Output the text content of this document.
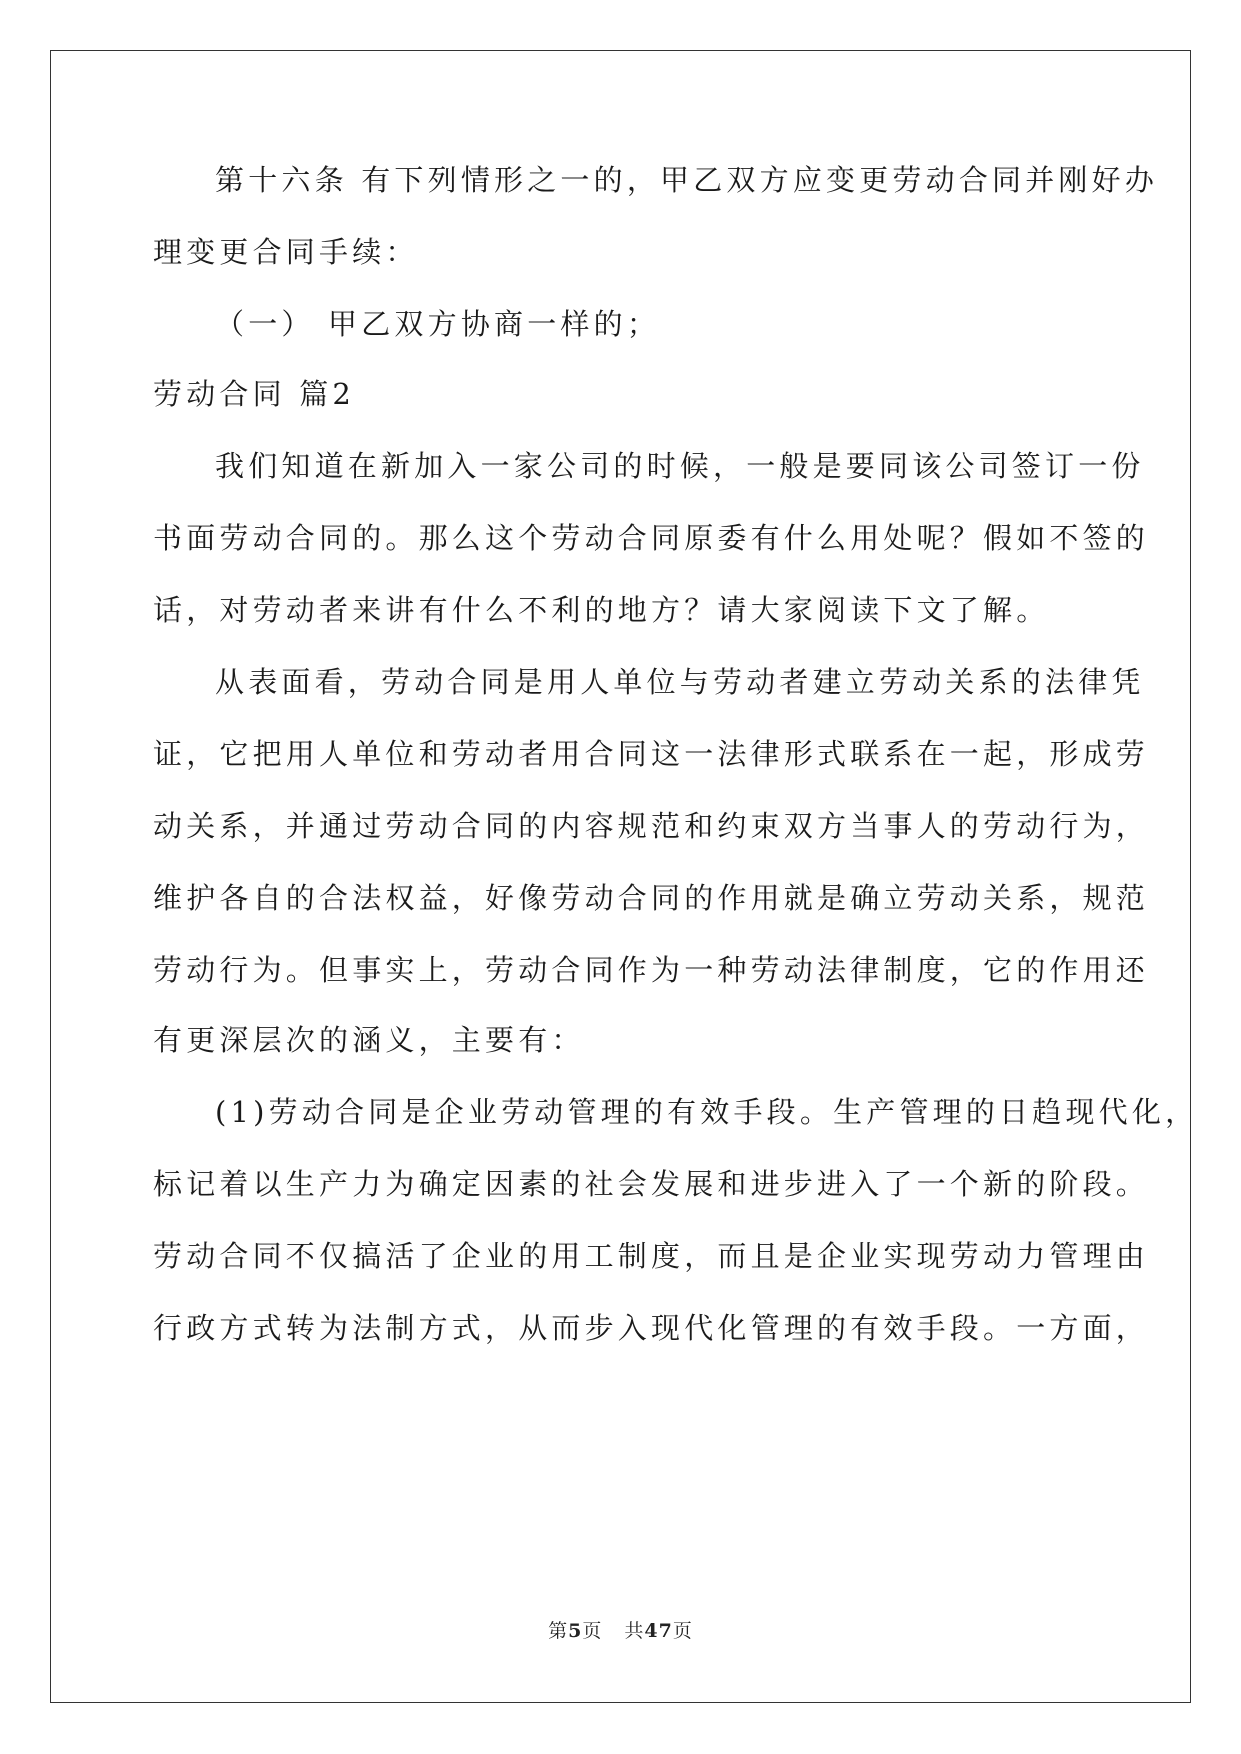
第十六条 有下列情形之一的，甲乙双方应变更劳动合同并刚好办
理变更合同手续：
（一） 甲乙双方协商一样的；
劳动合同 篇2
我们知道在新加入一家公司的时候，一般是要同该公司签订一份
书面劳动合同的。那么这个劳动合同原委有什么用处呢？假如不签的
话，对劳动者来讲有什么不利的地方？请大家阅读下文了解。
从表面看，劳动合同是用人单位与劳动者建立劳动关系的法律凭
证，它把用人单位和劳动者用合同这一法律形式联系在一起，形成劳
动关系，并通过劳动合同的内容规范和约束双方当事人的劳动行为，
维护各自的合法权益，好像劳动合同的作用就是确立劳动关系，规范
劳动行为。但事实上，劳动合同作为一种劳动法律制度，它的作用还
有更深层次的涵义，主要有：
(1)劳动合同是企业劳动管理的有效手段。生产管理的日趋现代化，
标记着以生产力为确定因素的社会发展和进步进入了一个新的阶段。
劳动合同不仅搞活了企业的用工制度，而且是企业实现劳动力管理由
行政方式转为法制方式，从而步入现代化管理的有效手段。一方面，
第5页 共47页
